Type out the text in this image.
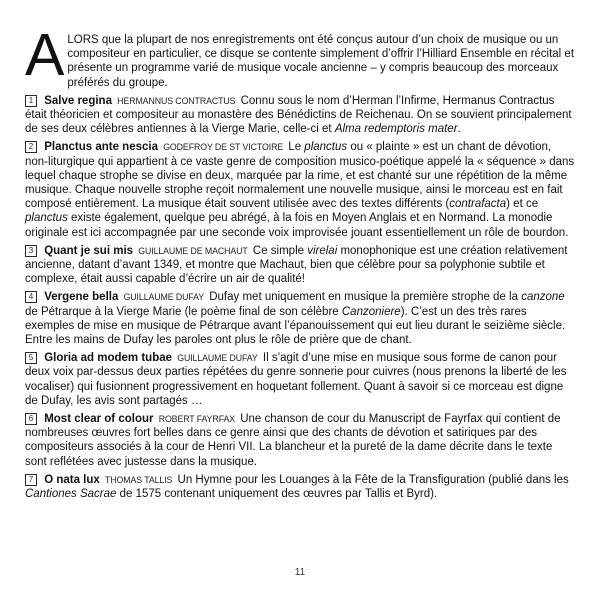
ALORS que la plupart de nos enregistrements ont été conçus autour d’un choix de musique ou un compositeur en particulier, ce disque se contente simplement d’offrir l’Hilliard Ensemble en récital et présente un programme varié de musique vocale ancienne – y compris beaucoup des morceaux préférés du groupe.

1 Salve regina HERMANNUS CONTRACTUS Connu sous le nom d’Herman l’Infirme, Hermanus Contractus était théoricien et compositeur au monastère des Bénédictins de Reichenau. On se souvient principalement de ses deux célèbres antiennes à la Vierge Marie, celle-ci et Alma redemptoris mater.

2 Planctus ante nescia GODEFROY DE ST VICTOIRE Le planctus ou « plainte » est un chant de dévotion, non-liturgique qui appartient à ce vaste genre de composition musico-poétique appelé la « séquence » dans lequel chaque strophe se divise en deux, marquée par la rime, et est chanté sur une répétition de la même musique. Chaque nouvelle strophe reçoit normalement une nouvelle musique, ainsi le morceau est en fait composé entièrement. La musique était souvent utilisée avec des textes différents (contrafacta) et ce planctus existe également, quelque peu abrégé, à la fois en Moyen Anglais et en Normand. La monodie originale est ici accompagnée par une seconde voix improvisée jouant essentiellement un rôle de bourdon.

3 Quant je sui mis GUILLAUME DE MACHAUT Ce simple virelai monophonique est une création relativement ancienne, datant d’avant 1349, et montre que Machaut, bien que célèbre pour sa polyphonie subtile et complexe, était aussi capable d’écrire un air de qualité!

4 Vergene bella GUILLAUME DUFAY Dufay met uniquement en musique la première strophe de la canzone de Pétrarque à la Vierge Marie (le poème final de son célèbre Canzoniere). C’est un des très rares exemples de mise en musique de Pétrarque avant l’épanouissement qui eut lieu durant le seizième siècle. Entre les mains de Dufay les paroles ont plus le rôle de prière que de chant.

5 Gloria ad modem tubae GUILLAUME DUFAY Il s’agit d’une mise en musique sous forme de canon pour deux voix par-dessus deux parties répétées du genre sonnerie pour cuivres (nous prenons la liberté de les vocaliser) qui fusionnent progressivement en hoquetant follement. Quant à savoir si ce morceau est digne de Dufay, les avis sont partagés …

6 Most clear of colour ROBERT FAYRFAX Une chanson de cour du Manuscript de Fayrfax qui contient de nombreuses œuvres fort belles dans ce genre ainsi que des chants de dévotion et satiriques par des compositeurs associés à la cour de Henri VII. La blancheur et la pureté de la dame décrite dans le texte sont reflétées avec justesse dans la musique.

7 O nata lux THOMAS TALLIS Un Hymne pour les Louanges à la Fête de la Transfiguration (publié dans les Cantiones Sacrae de 1575 contenant uniquement des œuvres par Tallis et Byrd).

11
